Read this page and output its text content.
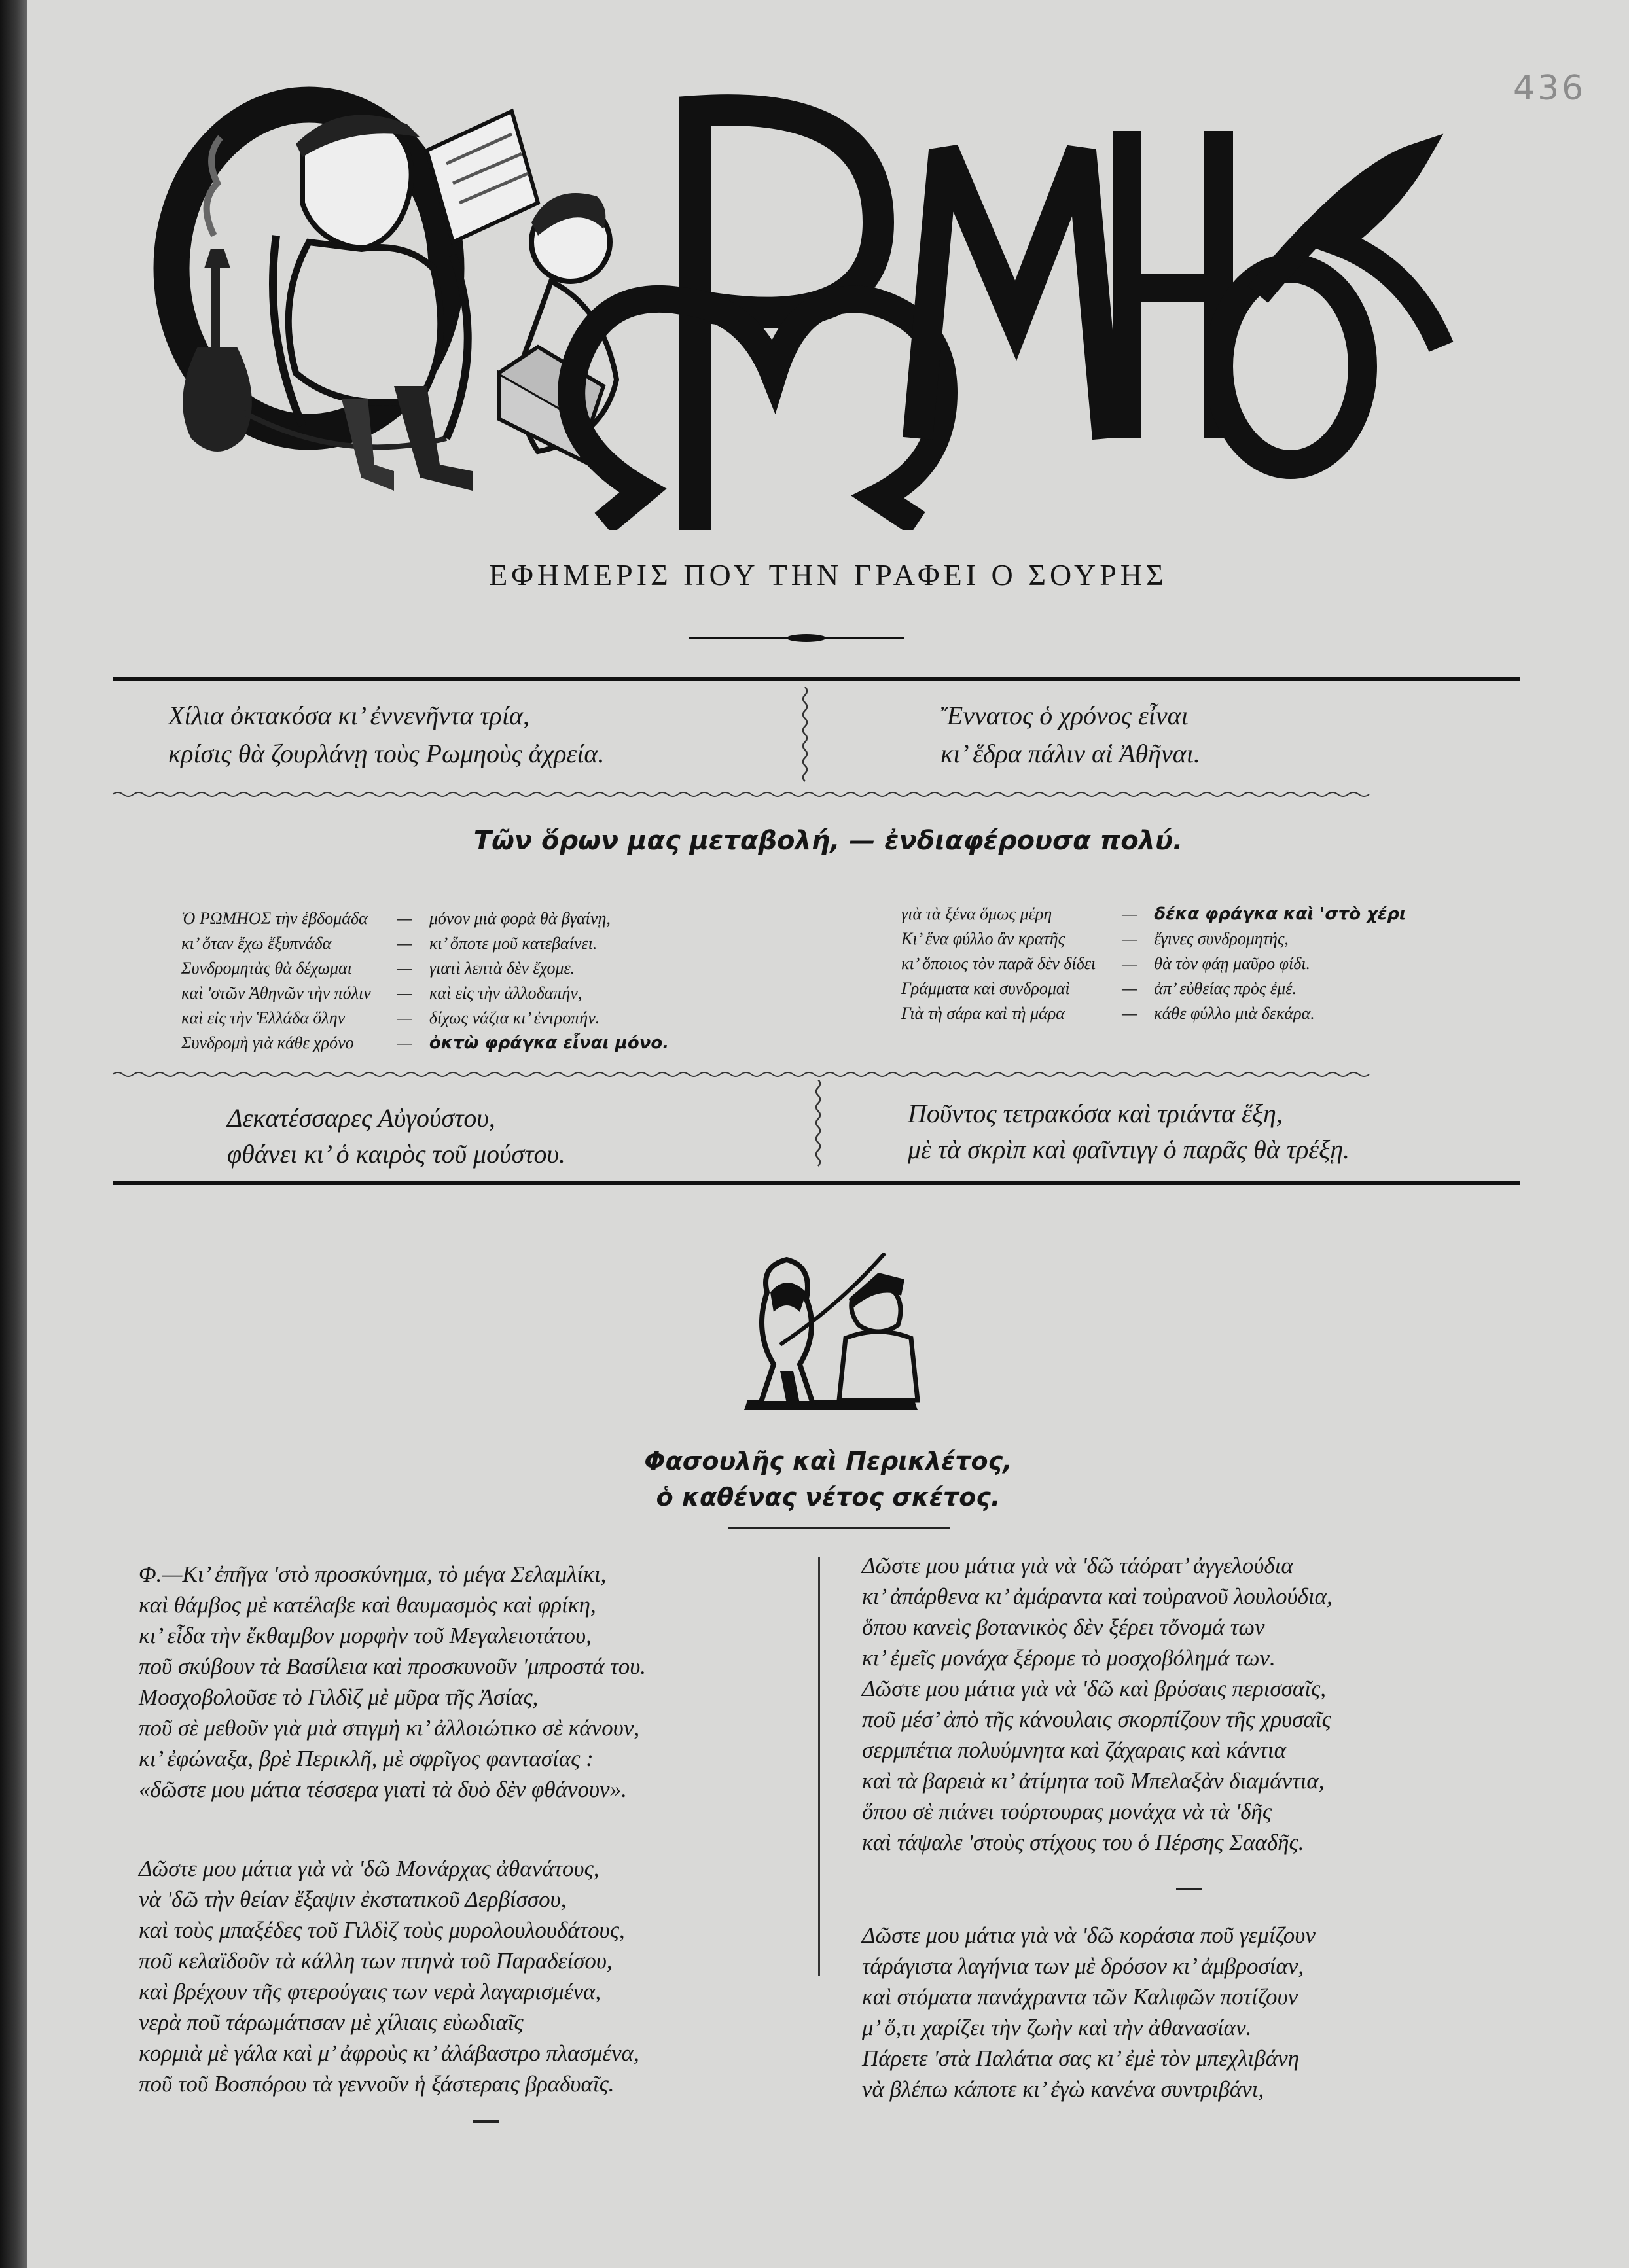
436
ΕΦΗΜΕΡΙΣ ΠΟΥ ΤΗΝ ΓΡΑΦΕΙ Ο ΣΟΥΡΗΣ
Χίλια ὀκτακόσα κι’ ἐννενῆντα τρία,
κρίσις θὰ ζουρλάνῃ τοὺς Ρωμηοὺς ἀχρεία.
Ἔννατος ὁ χρόνος εἶναι
κι’ ἕδρα πάλιν αἱ Ἀθῆναι.
Τῶν ὅρων μας μεταβολή, — ἐνδιαφέρουσα πολύ.
Ὁ ΡΩΜΗΟΣ τὴν ἑβδομάδα	—	μόνον μιὰ φορὰ θὰ βγαίνῃ,
κι’ ὅταν ἔχω ἔξυπνάδα	—	κι’ ὅποτε μοῦ κατεβαίνει.
Συνδρομητὰς θὰ δέχωμαι	—	γιατὶ λεπτὰ δὲν ἔχομε.
καὶ 'στῶν Ἀθηνῶν τὴν πόλιν	—	καὶ εἰς τὴν ἀλλοδαπήν,
καὶ εἰς τὴν Ἑλλάδα ὅλην	—	δίχως νάζια κι’ ἐντροπήν.
Συνδρομὴ γιὰ κάθε χρόνο	—	ὀκτὼ φράγκα εἶναι μόνο.
γιὰ τὰ ξένα ὅμως μέρη	—	δέκα φράγκα καὶ 'στὸ χέρι
Κι’ ἕνα φύλλο ἂν κρατῆς	—	ἔγινες συνδρομητής,
κι’ ὅποιος τὸν παρᾶ δὲν δίδει	—	θὰ τὸν φάῃ μαῦρο φίδι.
Γράμματα καὶ συνδρομαὶ	—	ἀπ’ εὐθείας πρὸς ἐμέ.
Γιὰ τὴ σάρα καὶ τὴ μάρα	—	κάθε φύλλο μιὰ δεκάρα.
Δεκατέσσαρες Αὐγούστου,
φθάνει κι’ ὁ καιρὸς τοῦ μούστου.
Ποῦντος τετρακόσα καὶ τριάντα ἕξη,
μὲ τὰ σκρὶπ καὶ φαῖντιγγ ὁ παρᾶς θὰ τρέξῃ.
Φασουλῆς καὶ Περικλέτος,
ὁ καθένας νέτος σκέτος.
Φ.—Κι’ ἐπῆγα 'στὸ προσκύνημα, τὸ μέγα Σελαμλίκι,
καὶ θάμβος μὲ κατέλαβε καὶ θαυμασμὸς καὶ φρίκη,
κι’ εἶδα τὴν ἔκθαμβον μορφὴν τοῦ Μεγαλειοτάτου,
ποῦ σκύβουν τὰ Βασίλεια καὶ προσκυνοῦν 'μπροστά του.
Μοσχοβολοῦσε τὸ Γιλδὶζ μὲ μῦρα τῆς Ἀσίας,
ποῦ σὲ μεθοῦν γιὰ μιὰ στιγμὴ κι’ ἀλλοιώτικο σὲ κάνουν,
κι’ ἐφώναξα, βρὲ Περικλῆ, μὲ σφρῖγος φαντασίας :
«δῶστε μου μάτια τέσσερα γιατὶ τὰ δυὸ δὲν φθάνουν».
Δῶστε μου μάτια γιὰ νὰ 'δῶ Μονάρχας ἀθανάτους,
νὰ 'δῶ τὴν θείαν ἔξαψιν ἐκστατικοῦ Δερβίσσου,
καὶ τοὺς μπαξέδες τοῦ Γιλδὶζ τοὺς μυρολουλουδάτους,
ποῦ κελαϊδοῦν τὰ κάλλη των πτηνὰ τοῦ Παραδείσου,
καὶ βρέχουν τῆς φτερούγαις των νερὰ λαγαρισμένα,
νερὰ ποῦ τάρωμάτισαν μὲ χίλιαις εὐωδιαῖς
κορμιὰ μὲ γάλα καὶ μ’ ἀφροὺς κι’ ἀλάβαστρο πλασμένα,
ποῦ τοῦ Βοσπόρου τὰ γεννοῦν ἡ ξάστεραις βραδυαῖς.
Δῶστε μου μάτια γιὰ νὰ 'δῶ τάόρατ’ ἀγγελούδια
κι’ ἀπάρθενα κι’ ἀμάραντα καὶ τοὐρανοῦ λουλούδια,
ὅπου κανεὶς βοτανικὸς δὲν ξέρει τὄνομά των
κι’ ἐμεῖς μονάχα ξέρομε τὸ μοσχοβόλημά των.
Δῶστε μου μάτια γιὰ νὰ 'δῶ καὶ βρύσαις περισσαῖς,
ποῦ μέσ’ ἀπὸ τῆς κάνουλαις σκορπίζουν τῆς χρυσαῖς
σερμπέτια πολυύμνητα καὶ ζάχαραις καὶ κάντια
καὶ τὰ βαρειὰ κι’ ἀτίμητα τοῦ Μπελαξὰν διαμάντια,
ὅπου σὲ πιάνει τούρτουρας μονάχα νὰ τὰ 'δῆς
καὶ τάψαλε 'στοὺς στίχους του ὁ Πέρσης Σααδῆς.
Δῶστε μου μάτια γιὰ νὰ 'δῶ κοράσια ποῦ γεμίζουν
τάράγιστα λαγήνια των μὲ δρόσον κι’ ἀμβροσίαν,
καὶ στόματα πανάχραντα τῶν Καλιφῶν ποτίζουν
μ’ ὅ,τι χαρίζει τὴν ζωὴν καὶ τὴν ἀθανασίαν.
Πάρετε 'στὰ Παλάτια σας κι’ ἐμὲ τὸν μπεχλιβάνη
νὰ βλέπω κάποτε κι’ ἐγὼ κανένα συντριβάνι,
